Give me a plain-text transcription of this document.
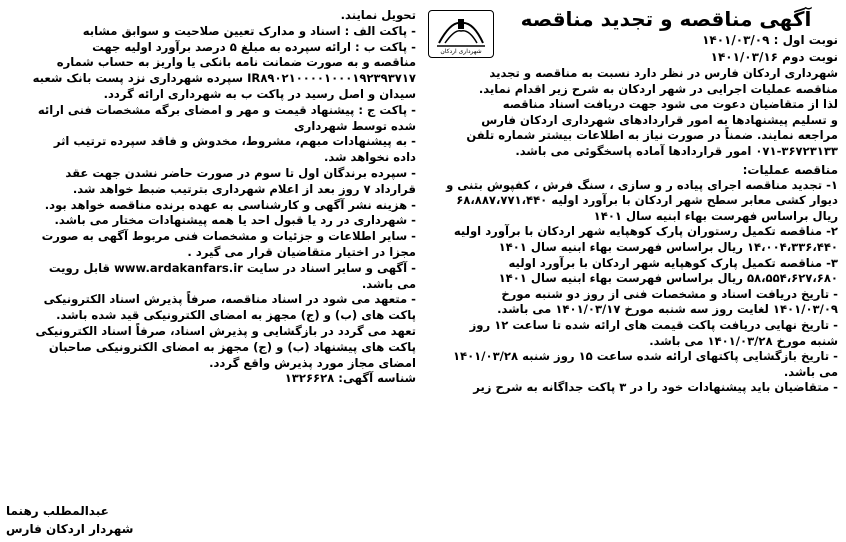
آگهی مناقصه و تجدید مناقصه

نوبت اول : ۱۴۰۱/۰۳/۰۹

نوبت دوم ۱۴۰۱/۰۳/۱۶

شهرداری اردکان

شهرداری اردکان فارس در نظر دارد نسبت به مناقصه و تجدید

مناقصه عملیات اجرایی در شهر اردکان به شرح زیر اقدام نماید.

لذا از متقاضیان دعوت می شود جهت دریافت اسناد مناقصه

و تسلیم پیشنهادها به امور قراردادهای شهرداری اردکان فارس

مراجعه نمایند. ضمناً در صورت نیاز به اطلاعات بیشتر شماره تلفن

۰۷۱-۳۶۷۲۳۱۳۳ امور قراردادها آماده پاسخگوئی می باشد.

مناقصه عملیات:

۱- تجدید مناقصه اجرای پیاده ر و سازی ، سنگ فرش ، کفپوش بتنی و

دیوار کشی معابر سطح شهر اردکان با برآورد اولیه ۶۸،۸۸۷،۷۷۱،۴۴۰

ریال براساس فهرست بهاء ابنیه سال ۱۴۰۱

۲- مناقصه تکمیل رستوران پارک کوهپایه شهر اردکان با برآورد اولیه

۱۴،۰۰۴،۳۳۶،۴۴۰ ریال براساس فهرست بهاء ابنیه سال ۱۴۰۱

۳- مناقصه تکمیل پارک کوهپایه شهر اردکان با برآورد اولیه

۵۸،۵۵۴،۶۲۷،۶۸۰ ریال براساس فهرست بهاء ابنیه سال ۱۴۰۱

- تاریخ دریافت اسناد و مشخصات فنی از روز دو شنبه مورخ

۱۴۰۱/۰۳/۰۹ لغایت روز سه شنبه مورخ ۱۴۰۱/۰۳/۱۷ می باشد.

- تاریخ نهایی دریافت پاکت قیمت های ارائه شده تا ساعت ۱۲ روز

شنبه مورخ ۱۴۰۱/۰۳/۲۸ می باشد.

- تاریخ بازگشایی پاکتهای ارائه شده ساعت ۱۵ روز شنبه ۱۴۰۱/۰۳/۲۸

می باشد.

- متقاضیان باید پیشنهادات خود را در ۳ پاکت جداگانه به شرح زیر

تحویل نمایند.

- پاکت الف : اسناد و مدارک تعیین صلاحیت و سوابق مشابه

- پاکت ب : ارائه سپرده به مبلغ ۵ درصد برآورد اولیه جهت

مناقصه و به صورت ضمانت نامه بانکی یا واریز به حساب شماره

IR۸۹۰۲۱۰۰۰۰۱۰۰۰۱۹۲۳۹۳۷۱۷ سپرده شهرداری نزد پست بانک شعبه

سیدان و اصل رسید در پاکت ب به شهرداری ارائه گردد.

- پاکت ج : پیشنهاد قیمت و مهر و امضای برگه مشخصات فنی ارائه

شده توسط شهرداری

- به پیشنهادات مبهم، مشروط، مخدوش و فاقد سپرده ترتیب اثر

داده نخواهد شد.

- سپرده برندگان اول تا سوم در صورت حاضر نشدن جهت عقد

قرارداد ۷ روز بعد از اعلام شهرداری بترتیب ضبط خواهد شد.

- هزینه نشر آگهی و کارشناسی به عهده برنده مناقصه خواهد بود.

- شهرداری در رد یا قبول احد یا همه پیشنهادات مختار می باشد.

- سایر اطلاعات و جزئیات و مشخصات فنی مربوط آگهی به صورت

مجزا در اختیار متقاضیان قرار می گیرد .

- آگهی و سایر اسناد در سایت www.ardakanfars.ir قابل رویت

می باشد.

- متعهد می شود در اسناد مناقصه، صرفاً پذیرش اسناد الکترونیکی

پاکت های (ب) و (ج) مجهز به امضای الکترونیکی قید شده باشد.

تعهد می گردد در بازگشایی و پذیرش اسناد، صرفاً اسناد الکترونیکی

پاکت های پیشنهاد (ب) و (ج) مجهز به امضای الکترونیکی صاحبان

امضای مجاز مورد پذیرش واقع گردد.

شناسه آگهی: ۱۳۲۶۶۲۸

عبدالمطلب رهنما

شهردار اردکان فارس
